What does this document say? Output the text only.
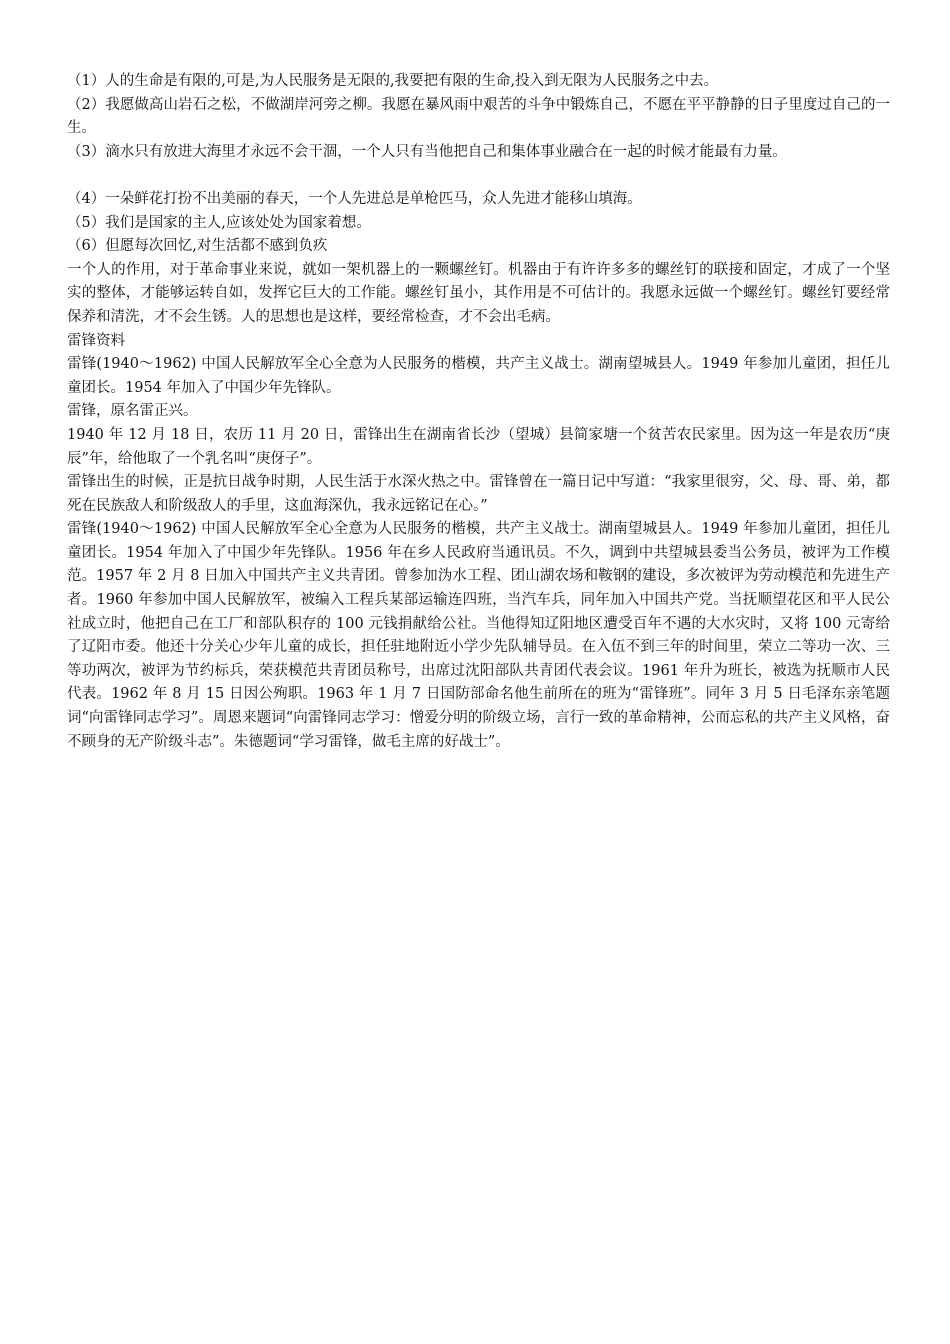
（1）人的生命是有限的,可是,为人民服务是无限的,我要把有限的生命,投入到无限为人民服务之中去。

（2）我愿做高山岩石之松，不做湖岸河旁之柳。我愿在暴风雨中艰苦的斗争中锻炼自己，不愿在平平静静的日子里度过自己的一生。

（3）滴水只有放进大海里才永远不会干涸，一个人只有当他把自己和集体事业融合在一起的时候才能最有力量。

（4）一朵鲜花打扮不出美丽的春天，一个人先进总是单枪匹马，众人先进才能移山填海。

（5）我们是国家的主人,应该处处为国家着想。

（6）但愿每次回忆,对生活都不感到负疚

一个人的作用，对于革命事业来说，就如一架机器上的一颗螺丝钉。机器由于有许许多多的螺丝钉的联接和固定，才成了一个坚实的整体，才能够运转自如，发挥它巨大的工作能。螺丝钉虽小，其作用是不可估计的。我愿永远做一个螺丝钉。螺丝钉要经常保养和清洗，才不会生锈。人的思想也是这样，要经常检查，才不会出毛病。

雷锋资料

雷锋(1940～1962) 中国人民解放军全心全意为人民服务的楷模，共产主义战士。湖南望城县人。1949 年参加儿童团，担任儿童团长。1954 年加入了中国少年先锋队。

雷锋，原名雷正兴。

1940 年 12 月 18 日，农历 11 月 20 日，雷锋出生在湖南省长沙（望城）县简家塘一个贫苦农民家里。因为这一年是农历“庚辰”年，给他取了一个乳名叫“庚伢子”。

雷锋出生的时候，正是抗日战争时期，人民生活于水深火热之中。雷锋曾在一篇日记中写道：“我家里很穷，父、母、哥、弟，都死在民族敌人和阶级敌人的手里，这血海深仇，我永远铭记在心。”

雷锋(1940～1962) 中国人民解放军全心全意为人民服务的楷模，共产主义战士。湖南望城县人。1949 年参加儿童团，担任儿童团长。1954 年加入了中国少年先锋队。1956 年在乡人民政府当通讯员。不久，调到中共望城县委当公务员，被评为工作模范。1957 年 2 月 8 日加入中国共产主义共青团。曾参加沩水工程、团山湖农场和鞍钢的建设，多次被评为劳动模范和先进生产者。1960 年参加中国人民解放军，被编入工程兵某部运输连四班，当汽车兵，同年加入中国共产党。当抚顺望花区和平人民公社成立时，他把自己在工厂和部队积存的 100 元钱捐献给公社。当他得知辽阳地区遭受百年不遇的大水灾时，又将 100 元寄给了辽阳市委。他还十分关心少年儿童的成长，担任驻地附近小学少先队辅导员。在入伍不到三年的时间里，荣立二等功一次、三等功两次，被评为节约标兵，荣获模范共青团员称号，出席过沈阳部队共青团代表会议。1961 年升为班长，被选为抚顺市人民代表。1962 年 8 月 15 日因公殉职。1963 年 1 月 7 日国防部命名他生前所在的班为“雷锋班”。同年 3 月 5 日毛泽东亲笔题词“向雷锋同志学习”。周恩来题词“向雷锋同志学习：憎爱分明的阶级立场，言行一致的革命精神，公而忘私的共产主义风格，奋不顾身的无产阶级斗志”。朱德题词“学习雷锋，做毛主席的好战士”。
